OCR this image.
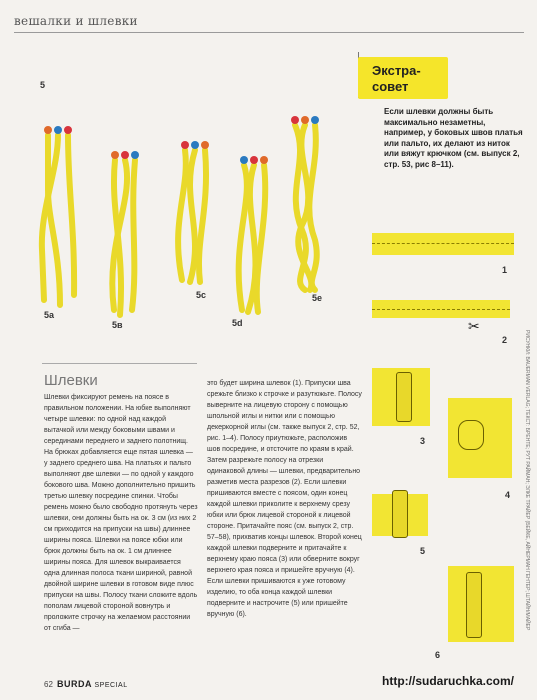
вешалки и шлевки
Экстра-
совет
Если шлевки должны быть максимально незаметны, например, у боковых швов платья или пальто, их делают из ниток или вяжут крючком (см. выпуск 2, стр. 53, рис 8–11).
5
5a
5в
5c
5d
5e
1
✂
2
3
4
5
6
Шлевки

Шлевки фиксируют ремень на поясе в правильном положении. На юбке выполняют четыре шлевки: по одной над каждой вытачкой или между боковыми швами и серединами переднего и заднего полотнищ. На брюках добавляется еще пятая шлевка — у заднего среднего шва. На платьях и пальто выполняют две шлевки — по одной у каждого бокового шва. Можно дополнительно пришить третью шлевку посредине спинки. Чтобы ремень можно было свободно протянуть через шлевки, они должны быть на ок. 3 см (из них 2 см приходится на припуски на швы) длиннее ширины пояса. Шлевки на поясе юбки или брюк должны быть на ок. 1 см длиннее ширины пояса. Для шлевок выкраивается одна длинная полоса ткани шириной, равной двойной ширине шлевки в готовом виде плюс припуски на швы. Полосу ткани сложите вдоль пополам лицевой стороной вовнутрь и проложите строчку на желаемом расстоянии от сгиба —

это будет ширина шлевок (1). Припуски шва срежьте близко к строчке и разутюжьте. Полосу выверните на лицевую сторону с помощью шпольной иглы и нитки или с помощью декеркорной иглы (см. также выпуск 2, стр. 52, рис. 1–4). Полосу приутюжьте, расположив шов посредине, и отсточите по краям в край. Затем разрежьте полосу на отрезки одинаковой длины — шлевки, предварительно разметив места разрезов (2). Если шлевки пришиваются вместе с поясом, один конец каждой шлевки приколите к верхнему срезу юбки или брюк лицевой стороной к лицевой стороне. Притачайте пояс (см. выпуск 2, стр. 57–58), прихватив концы шлевок. Второй конец каждой шлевки подверните и притачайте к верхнему краю пояса (3) или обверните вокруг верхнего края пояса и пришейте вручную (4). Если шлевки пришиваются к уже готовому изделию, то оба конца каждой шлевки подверните и настрочите (5) или пришейте вручную (6).	РИСУНКИ: BAUERMAN VERLAG; ТЕКСТ: БРЕНТЕ; РУТ РАЙМАН; ЭЛКЕ ТРАЙЕР (БЕЙКЕ, АЙНЕРМАН ГЕНТЕР; ШТАЙН/МАЙЕР
62 BURDA SPECIAL	http://sudaruchka.com/
